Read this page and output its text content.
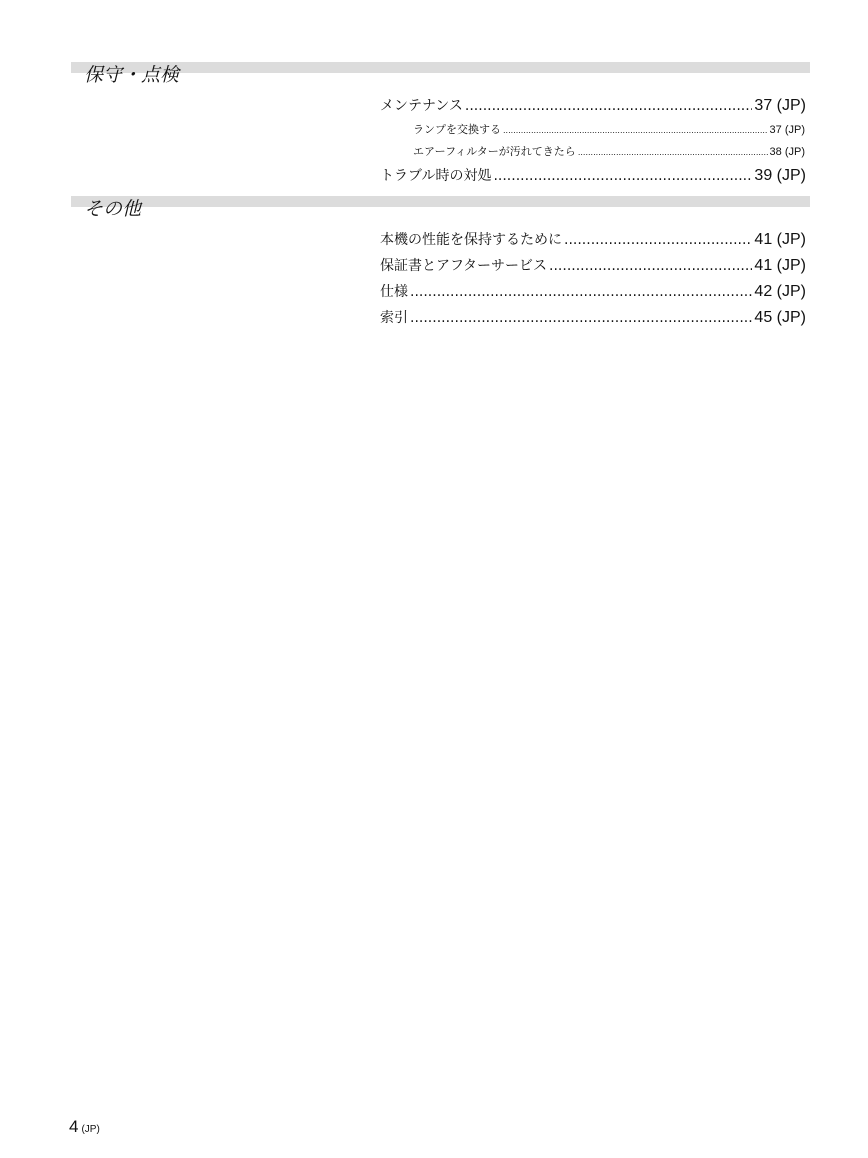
保守・点検
メンテナンス .....	37 (JP)
ランプを交換する .....	37 (JP)
エアーフィルターが汚れてきたら .....	38 (JP)
トラブル時の対処 .....	39 (JP)
その他
本機の性能を保持するために .....	41 (JP)
保証書とアフターサービス .....	41 (JP)
仕様 .....	42 (JP)
索引 .....	45 (JP)
4 (JP)
